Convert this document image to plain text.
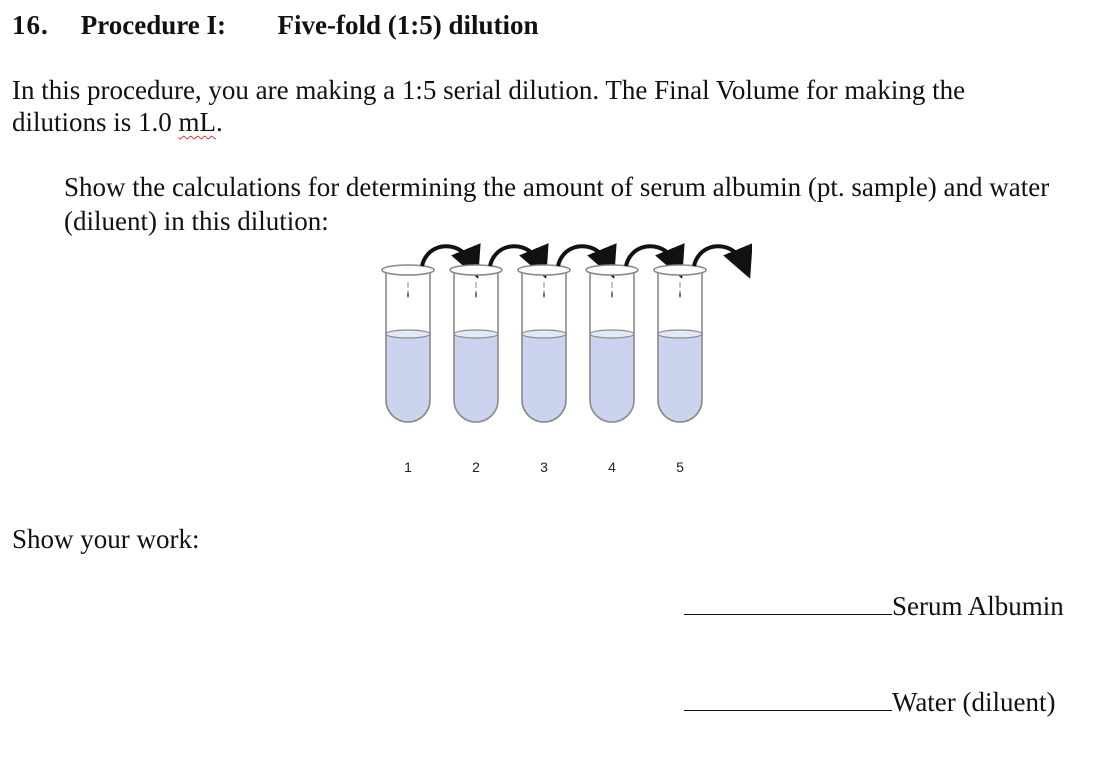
16. Procedure I: Five-fold (1:5) dilution
In this procedure, you are making a 1:5 serial dilution. The Final Volume for making the dilutions is 1.0 mL.
Show the calculations for determining the amount of serum albumin (pt. sample) and water (diluent) in this dilution:
1	2	3	4	5
Show your work:
Serum Albumin
Water (diluent)
